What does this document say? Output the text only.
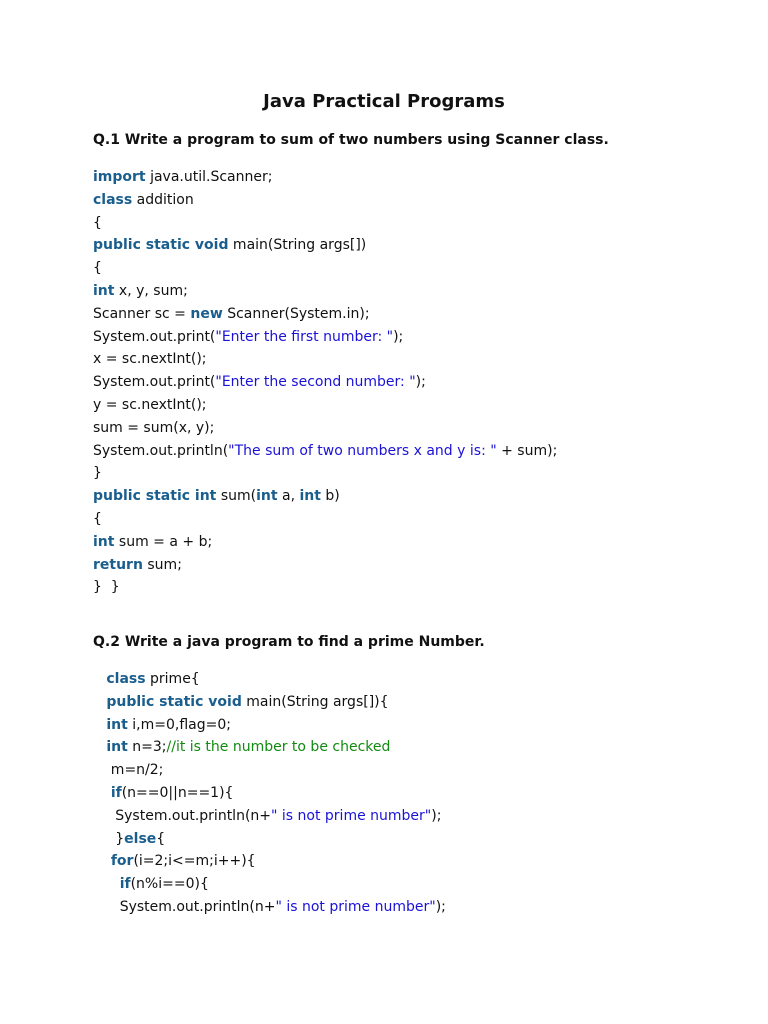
Java Practical Programs
Q.1 Write a program to sum of two numbers using Scanner class.
import java.util.Scanner;
class addition
{
public static void main(String args[])
{
int x, y, sum;
Scanner sc = new Scanner(System.in);
System.out.print("Enter the first number: ");
x = sc.nextInt();
System.out.print("Enter the second number: ");
y = sc.nextInt();
sum = sum(x, y);
System.out.println("The sum of two numbers x and y is: " + sum);
}
public static int sum(int a, int b)
{
int sum = a + b;
return sum;
}  }
Q.2 Write a java program to find a prime Number.
class prime{
public static void main(String args[]){
int i,m=0,flag=0;
int n=3;//it is the number to be checked
m=n/2;
if(n==0||n==1){
System.out.println(n+" is not prime number");
}else{
for(i=2;i<=m;i++){
if(n%i==0){
System.out.println(n+" is not prime number");
